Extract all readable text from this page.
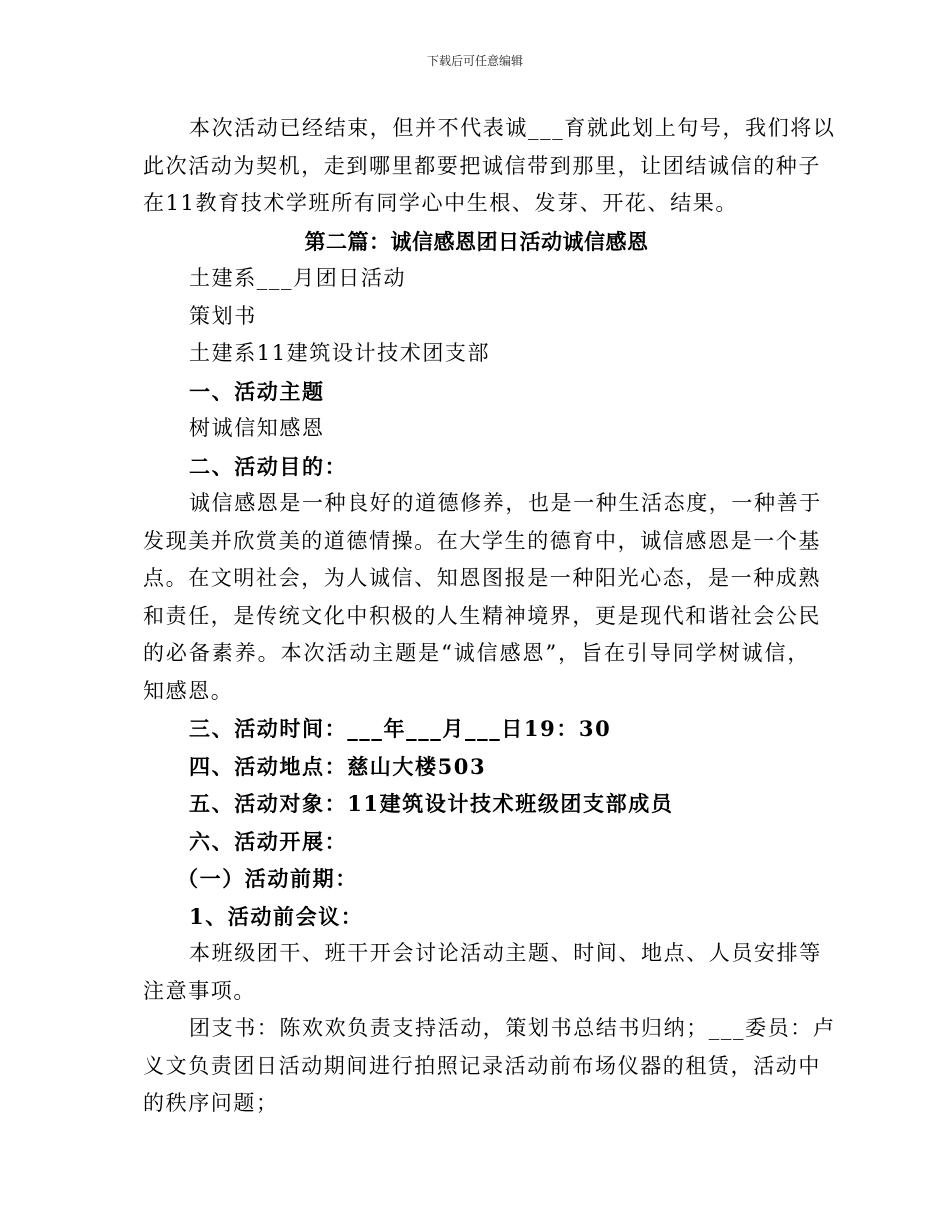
下载后可任意编辑

本次活动已经结束，但并不代表诚___育就此划上句号，我们将以

此次活动为契机，走到哪里都要把诚信带到那里，让团结诚信的种子

在11教育技术学班所有同学心中生根、发芽、开花、结果。

第二篇：诚信感恩团日活动诚信感恩

土建系___月团日活动

策划书

土建系11建筑设计技术团支部

一、活动主题

树诚信知感恩

二、活动目的：

诚信感恩是一种良好的道德修养，也是一种生活态度，一种善于

发现美并欣赏美的道德情操。在大学生的德育中，诚信感恩是一个基

点。在文明社会，为人诚信、知恩图报是一种阳光心态，是一种成熟

和责任，是传统文化中积极的人生精神境界，更是现代和谐社会公民

的必备素养。本次活动主题是“诚信感恩”，旨在引导同学树诚信，

知感恩。

三、活动时间：___年___月___日19：30

四、活动地点：慈山大楼503

五、活动对象：11建筑设计技术班级团支部成员

六、活动开展：

（一）活动前期：

1、活动前会议：

本班级团干、班干开会讨论活动主题、时间、地点、人员安排等

注意事项。

团支书：陈欢欢负责支持活动，策划书总结书归纳；___委员：卢

义文负责团日活动期间进行拍照记录活动前布场仪器的租赁，活动中

的秩序问题；
